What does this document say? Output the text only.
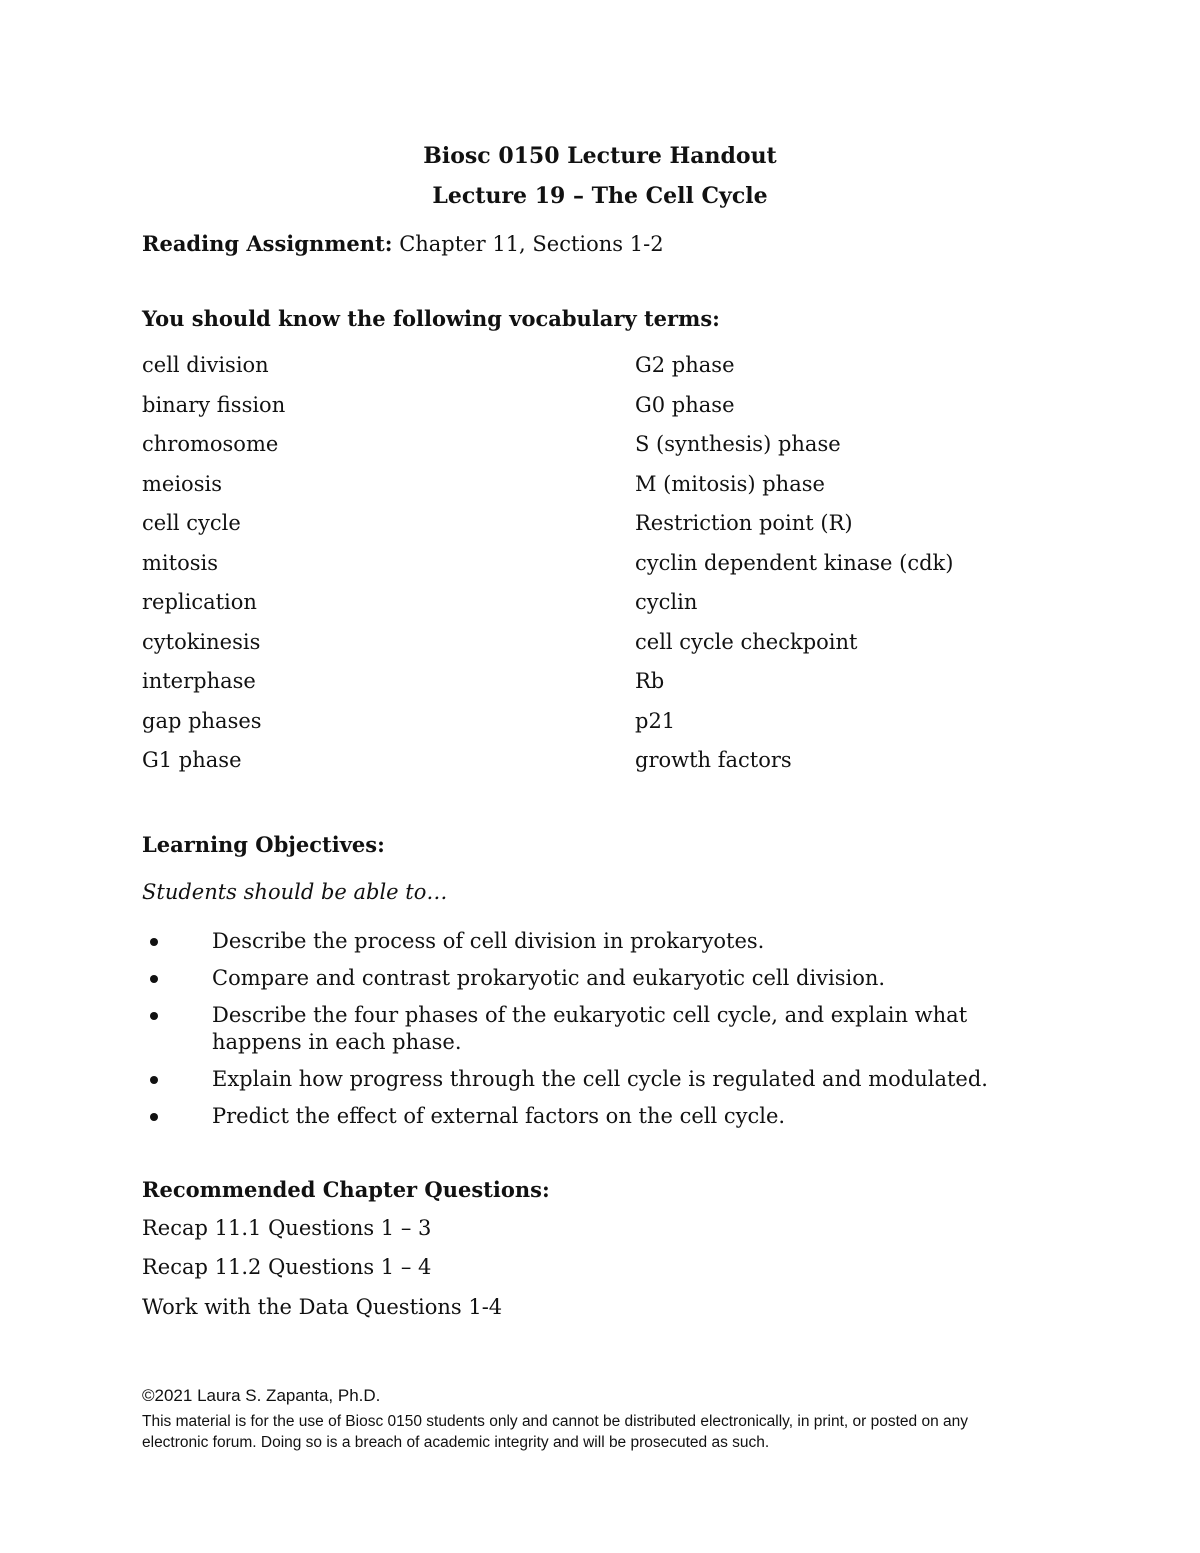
Biosc 0150 Lecture Handout
Lecture 19 – The Cell Cycle
Reading Assignment: Chapter 11, Sections 1-2
You should know the following vocabulary terms:
cell division
binary fission
chromosome
meiosis
cell cycle
mitosis
replication
cytokinesis
interphase
gap phases
G1 phase
G2 phase
G0 phase
S (synthesis) phase
M (mitosis) phase
Restriction point (R)
cyclin dependent kinase (cdk)
cyclin
cell cycle checkpoint
Rb
p21
growth factors
Learning Objectives:
Students should be able to…
Describe the process of cell division in prokaryotes.
Compare and contrast prokaryotic and eukaryotic cell division.
Describe the four phases of the eukaryotic cell cycle, and explain what happens in each phase.
Explain how progress through the cell cycle is regulated and modulated.
Predict the effect of external factors on the cell cycle.
Recommended Chapter Questions:
Recap 11.1 Questions 1 – 3
Recap 11.2 Questions 1 – 4
Work with the Data Questions 1-4
©2021 Laura S. Zapanta, Ph.D.
This material is for the use of Biosc 0150 students only and cannot be distributed electronically, in print, or posted on any
electronic forum. Doing so is a breach of academic integrity and will be prosecuted as such.
